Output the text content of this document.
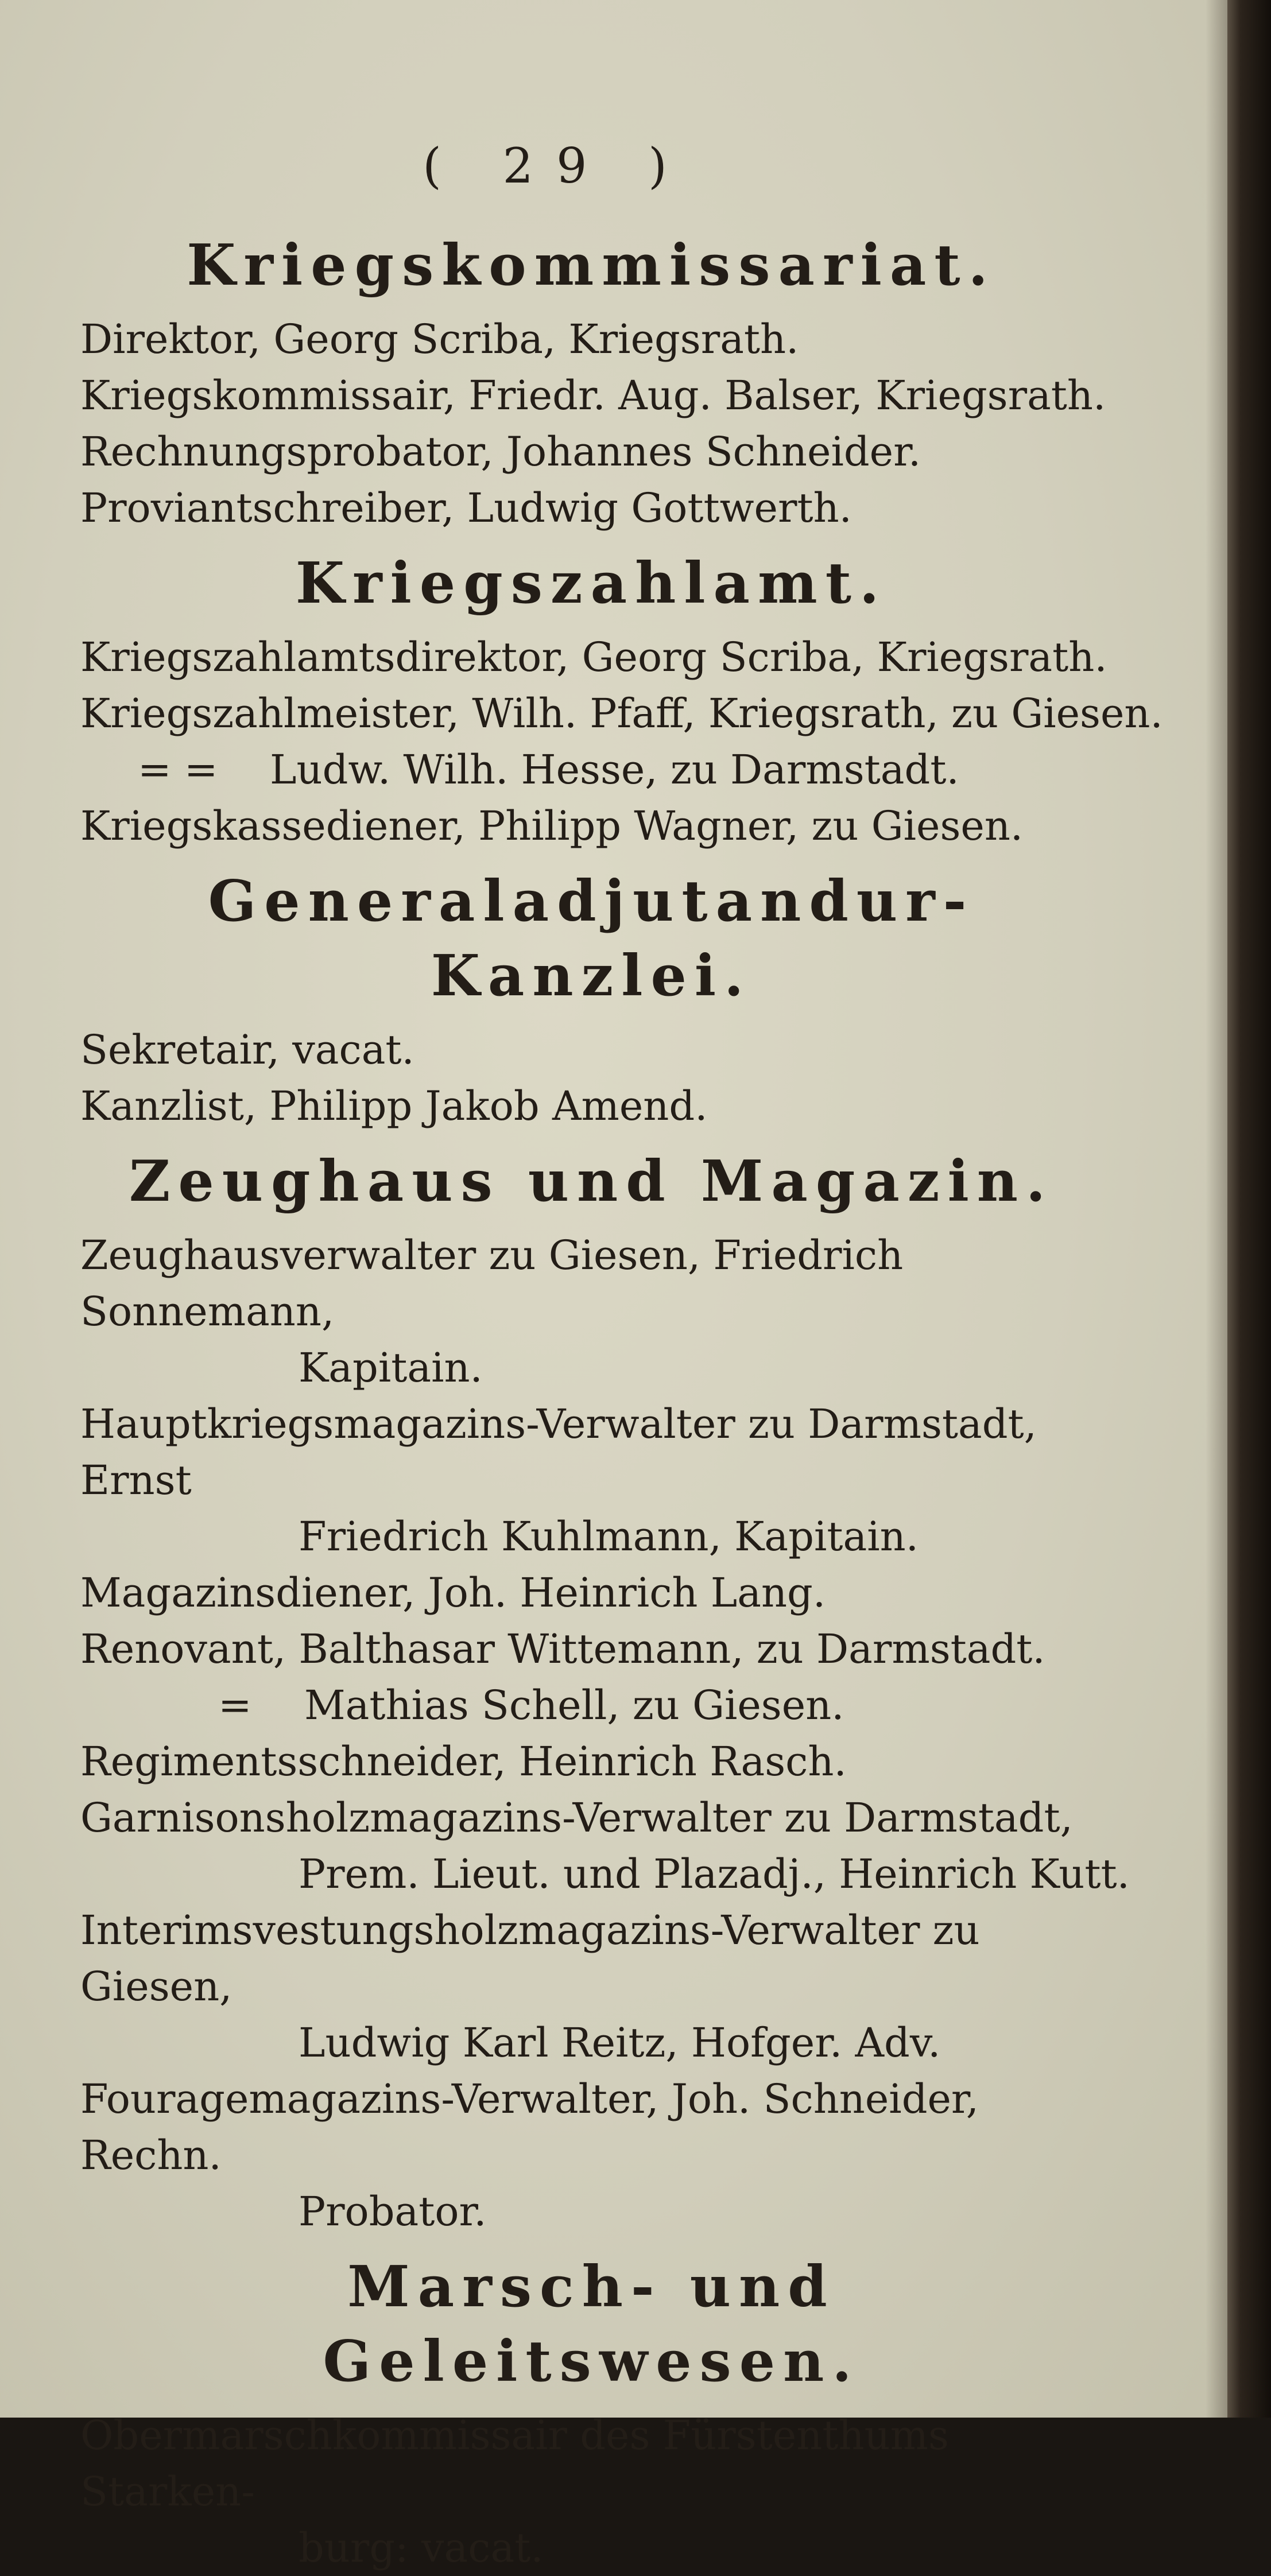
( 29 )
Kriegskommissariat.
Direktor, Georg Scriba, Kriegsrath.
Kriegskommissair, Friedr. Aug. Balser, Kriegsrath.
Rechnungsprobator, Johannes Schneider.
Proviantschreiber, Ludwig Gottwerth.
Kriegszahlamt.
Kriegszahlamtsdirektor, Georg Scriba, Kriegsrath.
Kriegszahlmeister, Wilh. Pfaff, Kriegsrath, zu Giesen.
= = Ludw. Wilh. Hesse, zu Darmstadt.
Kriegskassediener, Philipp Wagner, zu Giesen.
Generaladjutandur-Kanzlei.
Sekretair, vacat.
Kanzlist, Philipp Jakob Amend.
Zeughaus und Magazin.
Zeughausverwalter zu Giesen, Friedrich Sonnemann,
Kapitain.
Hauptkriegsmagazins-Verwalter zu Darmstadt, Ernst
Friedrich Kuhlmann, Kapitain.
Magazinsdiener, Joh. Heinrich Lang.
Renovant, Balthasar Wittemann, zu Darmstadt.
= Mathias Schell, zu Giesen.
Regimentsschneider, Heinrich Rasch.
Garnisonsholzmagazins-Verwalter zu Darmstadt,
Prem. Lieut. und Plazadj., Heinrich Kutt.
Interimsvestungsholzmagazins-Verwalter zu Giesen,
Ludwig Karl Reitz, Hofger. Adv.
Fouragemagazins-Verwalter, Joh. Schneider, Rechn.
Probator.
Marsch- und Geleitswesen.
Obermarschkommissair des Fürstenthums Starken-
burg: vacat.
